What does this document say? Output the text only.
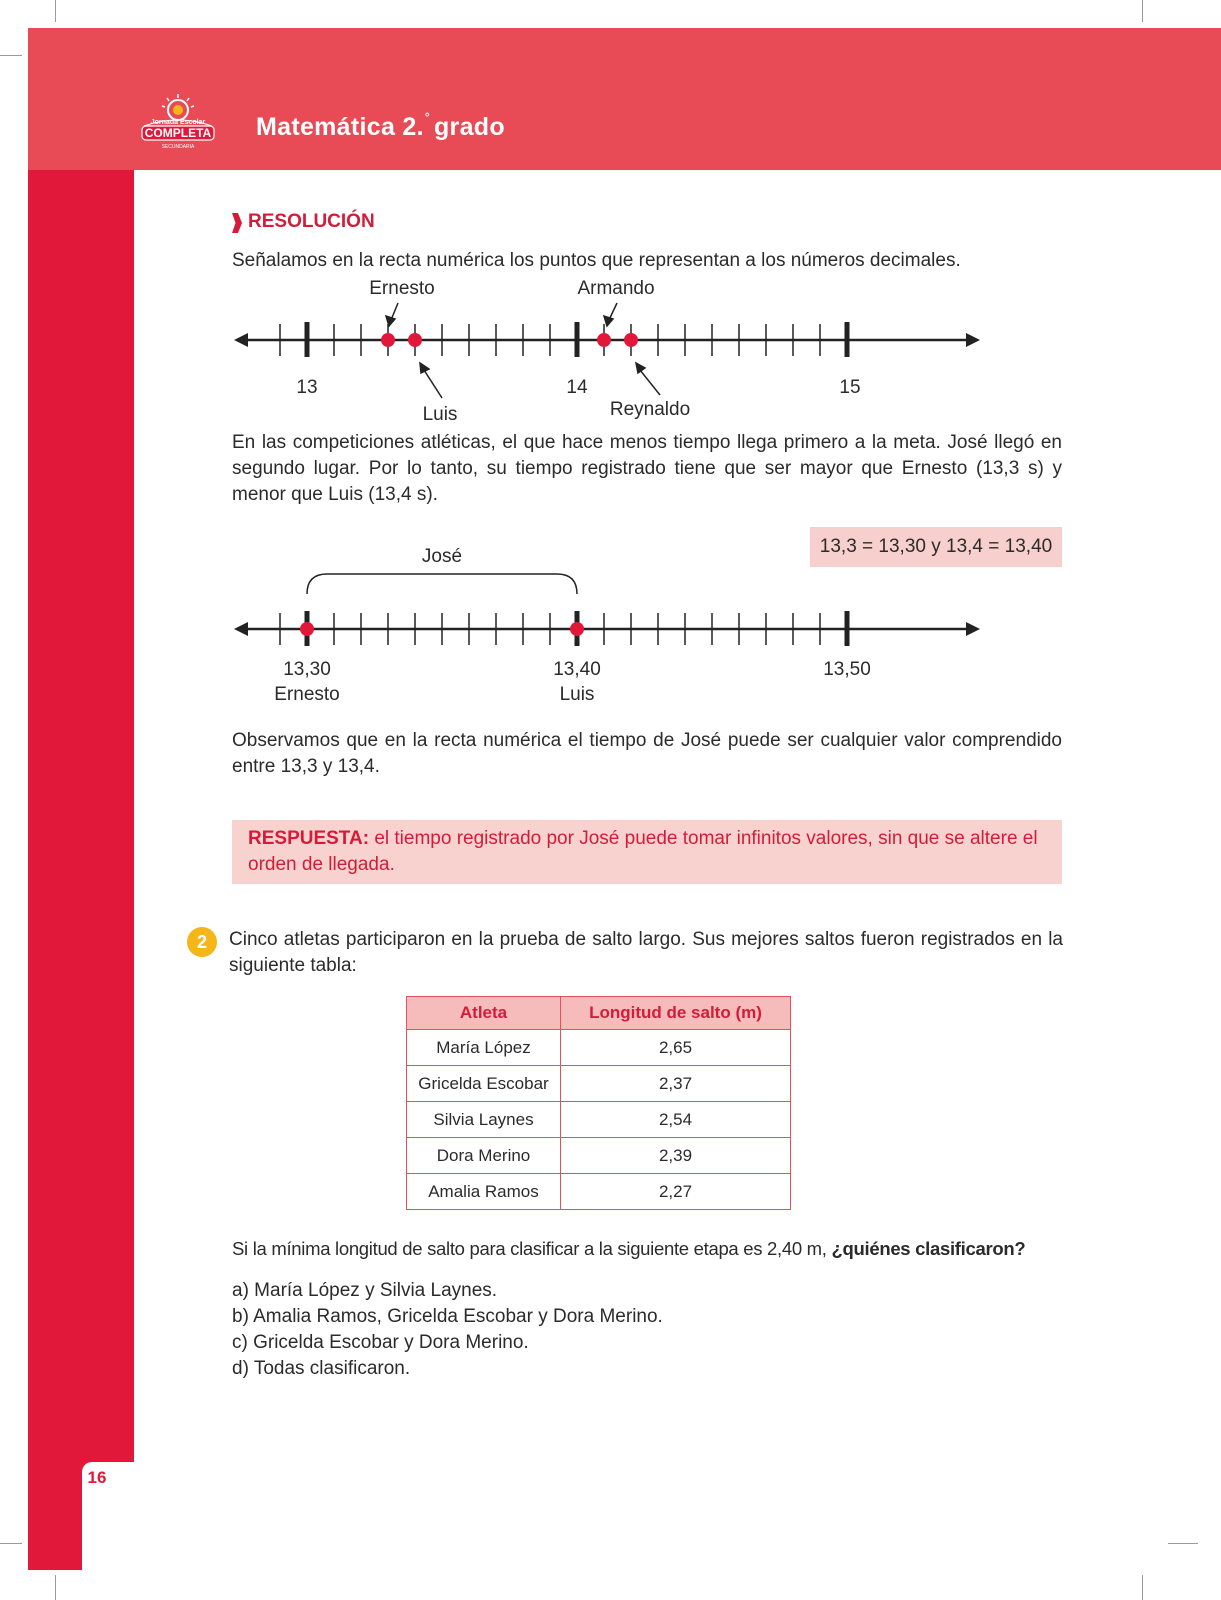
Jornada Escolar
COMPLETA
SECUNDARIA
Matemática 2.° grado
16
RESOLUCIÓN
Señalamos en la recta numérica los puntos que representan a los números decimales.
Ernesto	Armando
13	14	15
Luis	Reynaldo
En las competiciones atléticas, el que hace menos tiempo llega primero a la meta. José llegó en segundo lugar. Por lo tanto, su tiempo registrado tiene que ser mayor que Ernesto (13,3 s) y menor que Luis (13,4 s).
13,3 = 13,30 y 13,4 = 13,40
José
13,30	13,40	13,50
Ernesto	Luis
Observamos que en la recta numérica el tiempo de José puede ser cualquier valor comprendido entre 13,3 y 13,4.
RESPUESTA: el tiempo registrado por José puede tomar infinitos valores, sin que se altere el orden de llegada.
2	Cinco atletas participaron en la prueba de salto largo. Sus mejores saltos fueron registrados en la siguiente tabla:
Atleta	Longitud de salto (m)
María López	2,65
Gricelda Escobar	2,37
Silvia Laynes	2,54
Dora Merino	2,39
Amalia Ramos	2,27
Si la mínima longitud de salto para clasificar a la siguiente etapa es 2,40 m, ¿quiénes clasificaron?
a) María López y Silvia Laynes.
b) Amalia Ramos, Gricelda Escobar y Dora Merino.
c) Gricelda Escobar y Dora Merino.
d) Todas clasificaron.
